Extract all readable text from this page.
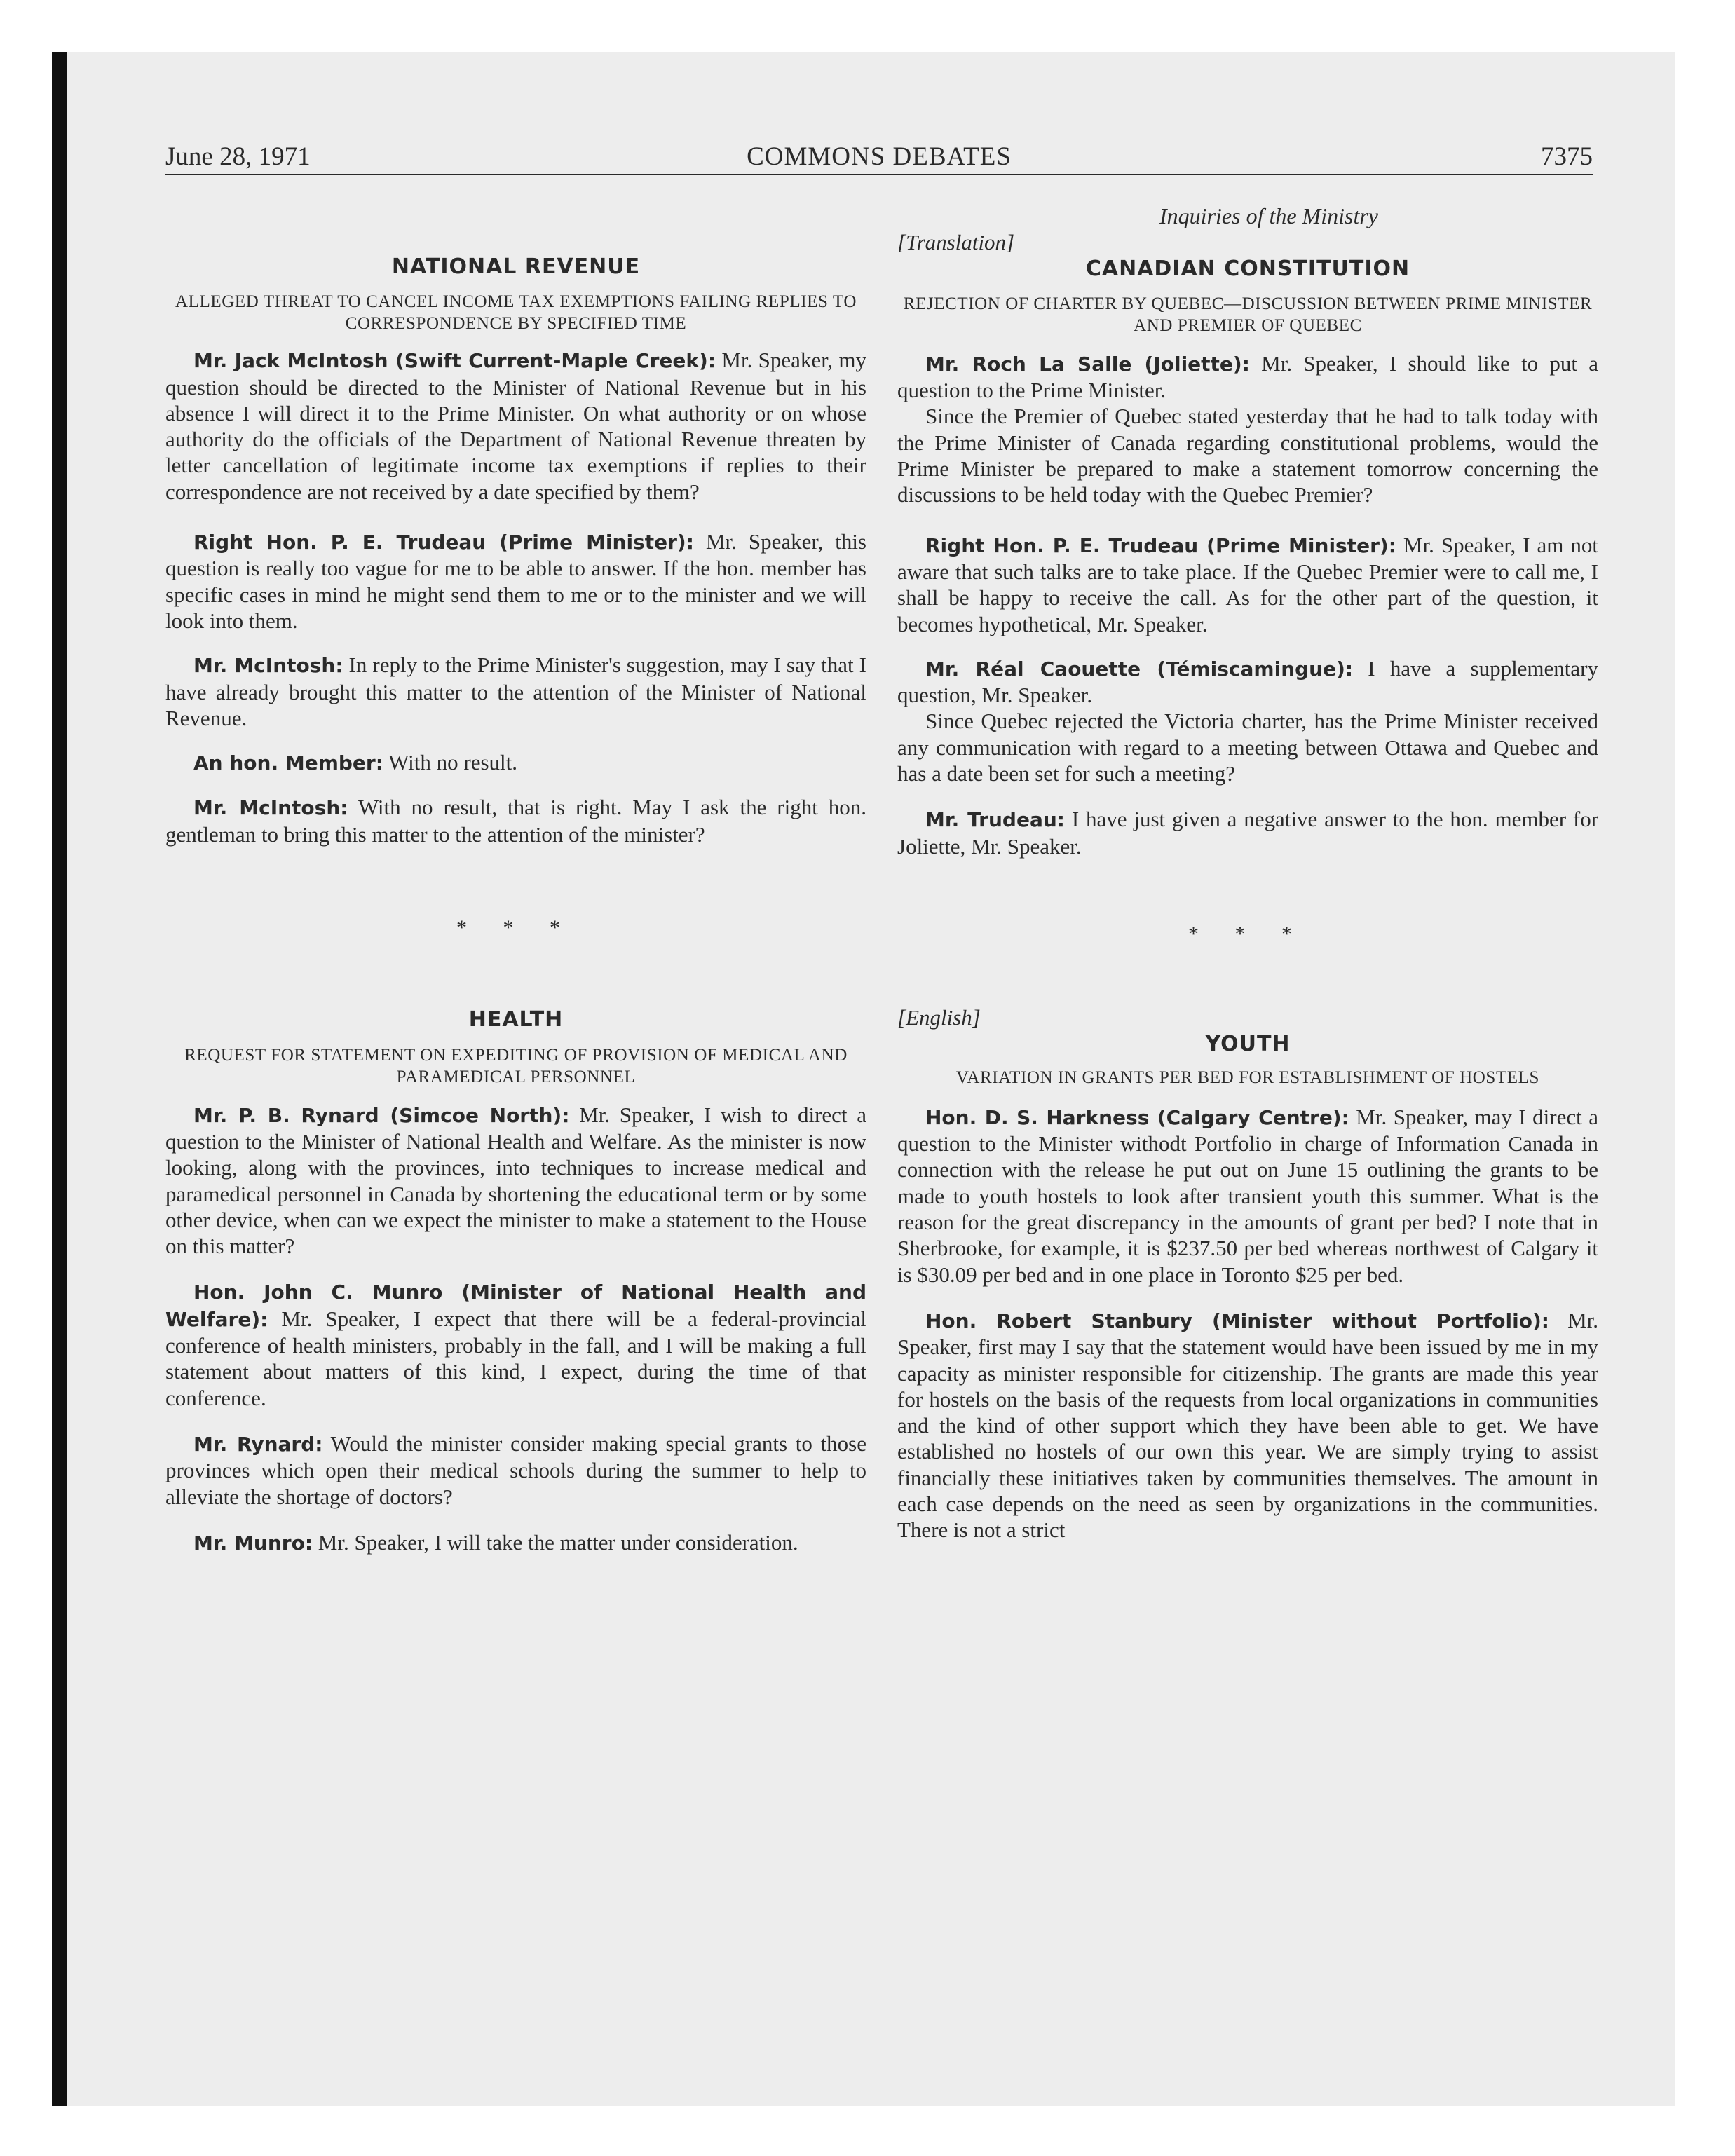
June 28, 1971	COMMONS DEBATES	7375

NATIONAL REVENUE

ALLEGED THREAT TO CANCEL INCOME TAX EXEMPTIONS FAILING REPLIES TO CORRESPONDENCE BY SPECIFIED TIME

Mr. Jack McIntosh (Swift Current-Maple Creek): Mr. Speaker, my question should be directed to the Minister of National Revenue but in his absence I will direct it to the Prime Minister. On what authority or on whose authority do the officials of the Department of National Revenue threaten by letter cancellation of legitimate income tax exemptions if replies to their correspondence are not received by a date specified by them?

Right Hon. P. E. Trudeau (Prime Minister): Mr. Speaker, this question is really too vague for me to be able to answer. If the hon. member has specific cases in mind he might send them to me or to the minister and we will look into them.

Mr. McIntosh: In reply to the Prime Minister's suggestion, may I say that I have already brought this matter to the attention of the Minister of National Revenue.

An hon. Member: With no result.

Mr. McIntosh: With no result, that is right. May I ask the right hon. gentleman to bring this matter to the attention of the minister?

* * *

HEALTH

REQUEST FOR STATEMENT ON EXPEDITING OF PROVISION OF MEDICAL AND PARAMEDICAL PERSONNEL

Mr. P. B. Rynard (Simcoe North): Mr. Speaker, I wish to direct a question to the Minister of National Health and Welfare. As the minister is now looking, along with the provinces, into techniques to increase medical and paramedical personnel in Canada by shortening the educational term or by some other device, when can we expect the minister to make a statement to the House on this matter?

Hon. John C. Munro (Minister of National Health and Welfare): Mr. Speaker, I expect that there will be a federal-provincial conference of health ministers, probably in the fall, and I will be making a full statement about matters of this kind, I expect, during the time of that conference.

Mr. Rynard: Would the minister consider making special grants to those provinces which open their medical schools during the summer to help to alleviate the shortage of doctors?

Mr. Munro: Mr. Speaker, I will take the matter under consideration.

Inquiries of the Ministry

[Translation]

CANADIAN CONSTITUTION

REJECTION OF CHARTER BY QUEBEC—DISCUSSION BETWEEN PRIME MINISTER AND PREMIER OF QUEBEC

Mr. Roch La Salle (Joliette): Mr. Speaker, I should like to put a question to the Prime Minister.

Since the Premier of Quebec stated yesterday that he had to talk today with the Prime Minister of Canada regarding constitutional problems, would the Prime Minister be prepared to make a statement tomorrow concerning the discussions to be held today with the Quebec Premier?

Right Hon. P. E. Trudeau (Prime Minister): Mr. Speaker, I am not aware that such talks are to take place. If the Quebec Premier were to call me, I shall be happy to receive the call. As for the other part of the question, it becomes hypothetical, Mr. Speaker.

Mr. Réal Caouette (Témiscamingue): I have a supplementary question, Mr. Speaker.

Since Quebec rejected the Victoria charter, has the Prime Minister received any communication with regard to a meeting between Ottawa and Quebec and has a date been set for such a meeting?

Mr. Trudeau: I have just given a negative answer to the hon. member for Joliette, Mr. Speaker.

* * *

[English]

YOUTH

VARIATION IN GRANTS PER BED FOR ESTABLISHMENT OF HOSTELS

Hon. D. S. Harkness (Calgary Centre): Mr. Speaker, may I direct a question to the Minister withodt Portfolio in charge of Information Canada in connection with the release he put out on June 15 outlining the grants to be made to youth hostels to look after transient youth this summer. What is the reason for the great discrepancy in the amounts of grant per bed? I note that in Sherbrooke, for example, it is $237.50 per bed whereas northwest of Calgary it is $30.09 per bed and in one place in Toronto $25 per bed.

Hon. Robert Stanbury (Minister without Portfolio): Mr. Speaker, first may I say that the statement would have been issued by me in my capacity as minister responsible for citizenship. The grants are made this year for hostels on the basis of the requests from local organizations in communities and the kind of other support which they have been able to get. We have established no hostels of our own this year. We are simply trying to assist financially these initiatives taken by communities themselves. The amount in each case depends on the need as seen by organizations in the communities. There is not a strict
